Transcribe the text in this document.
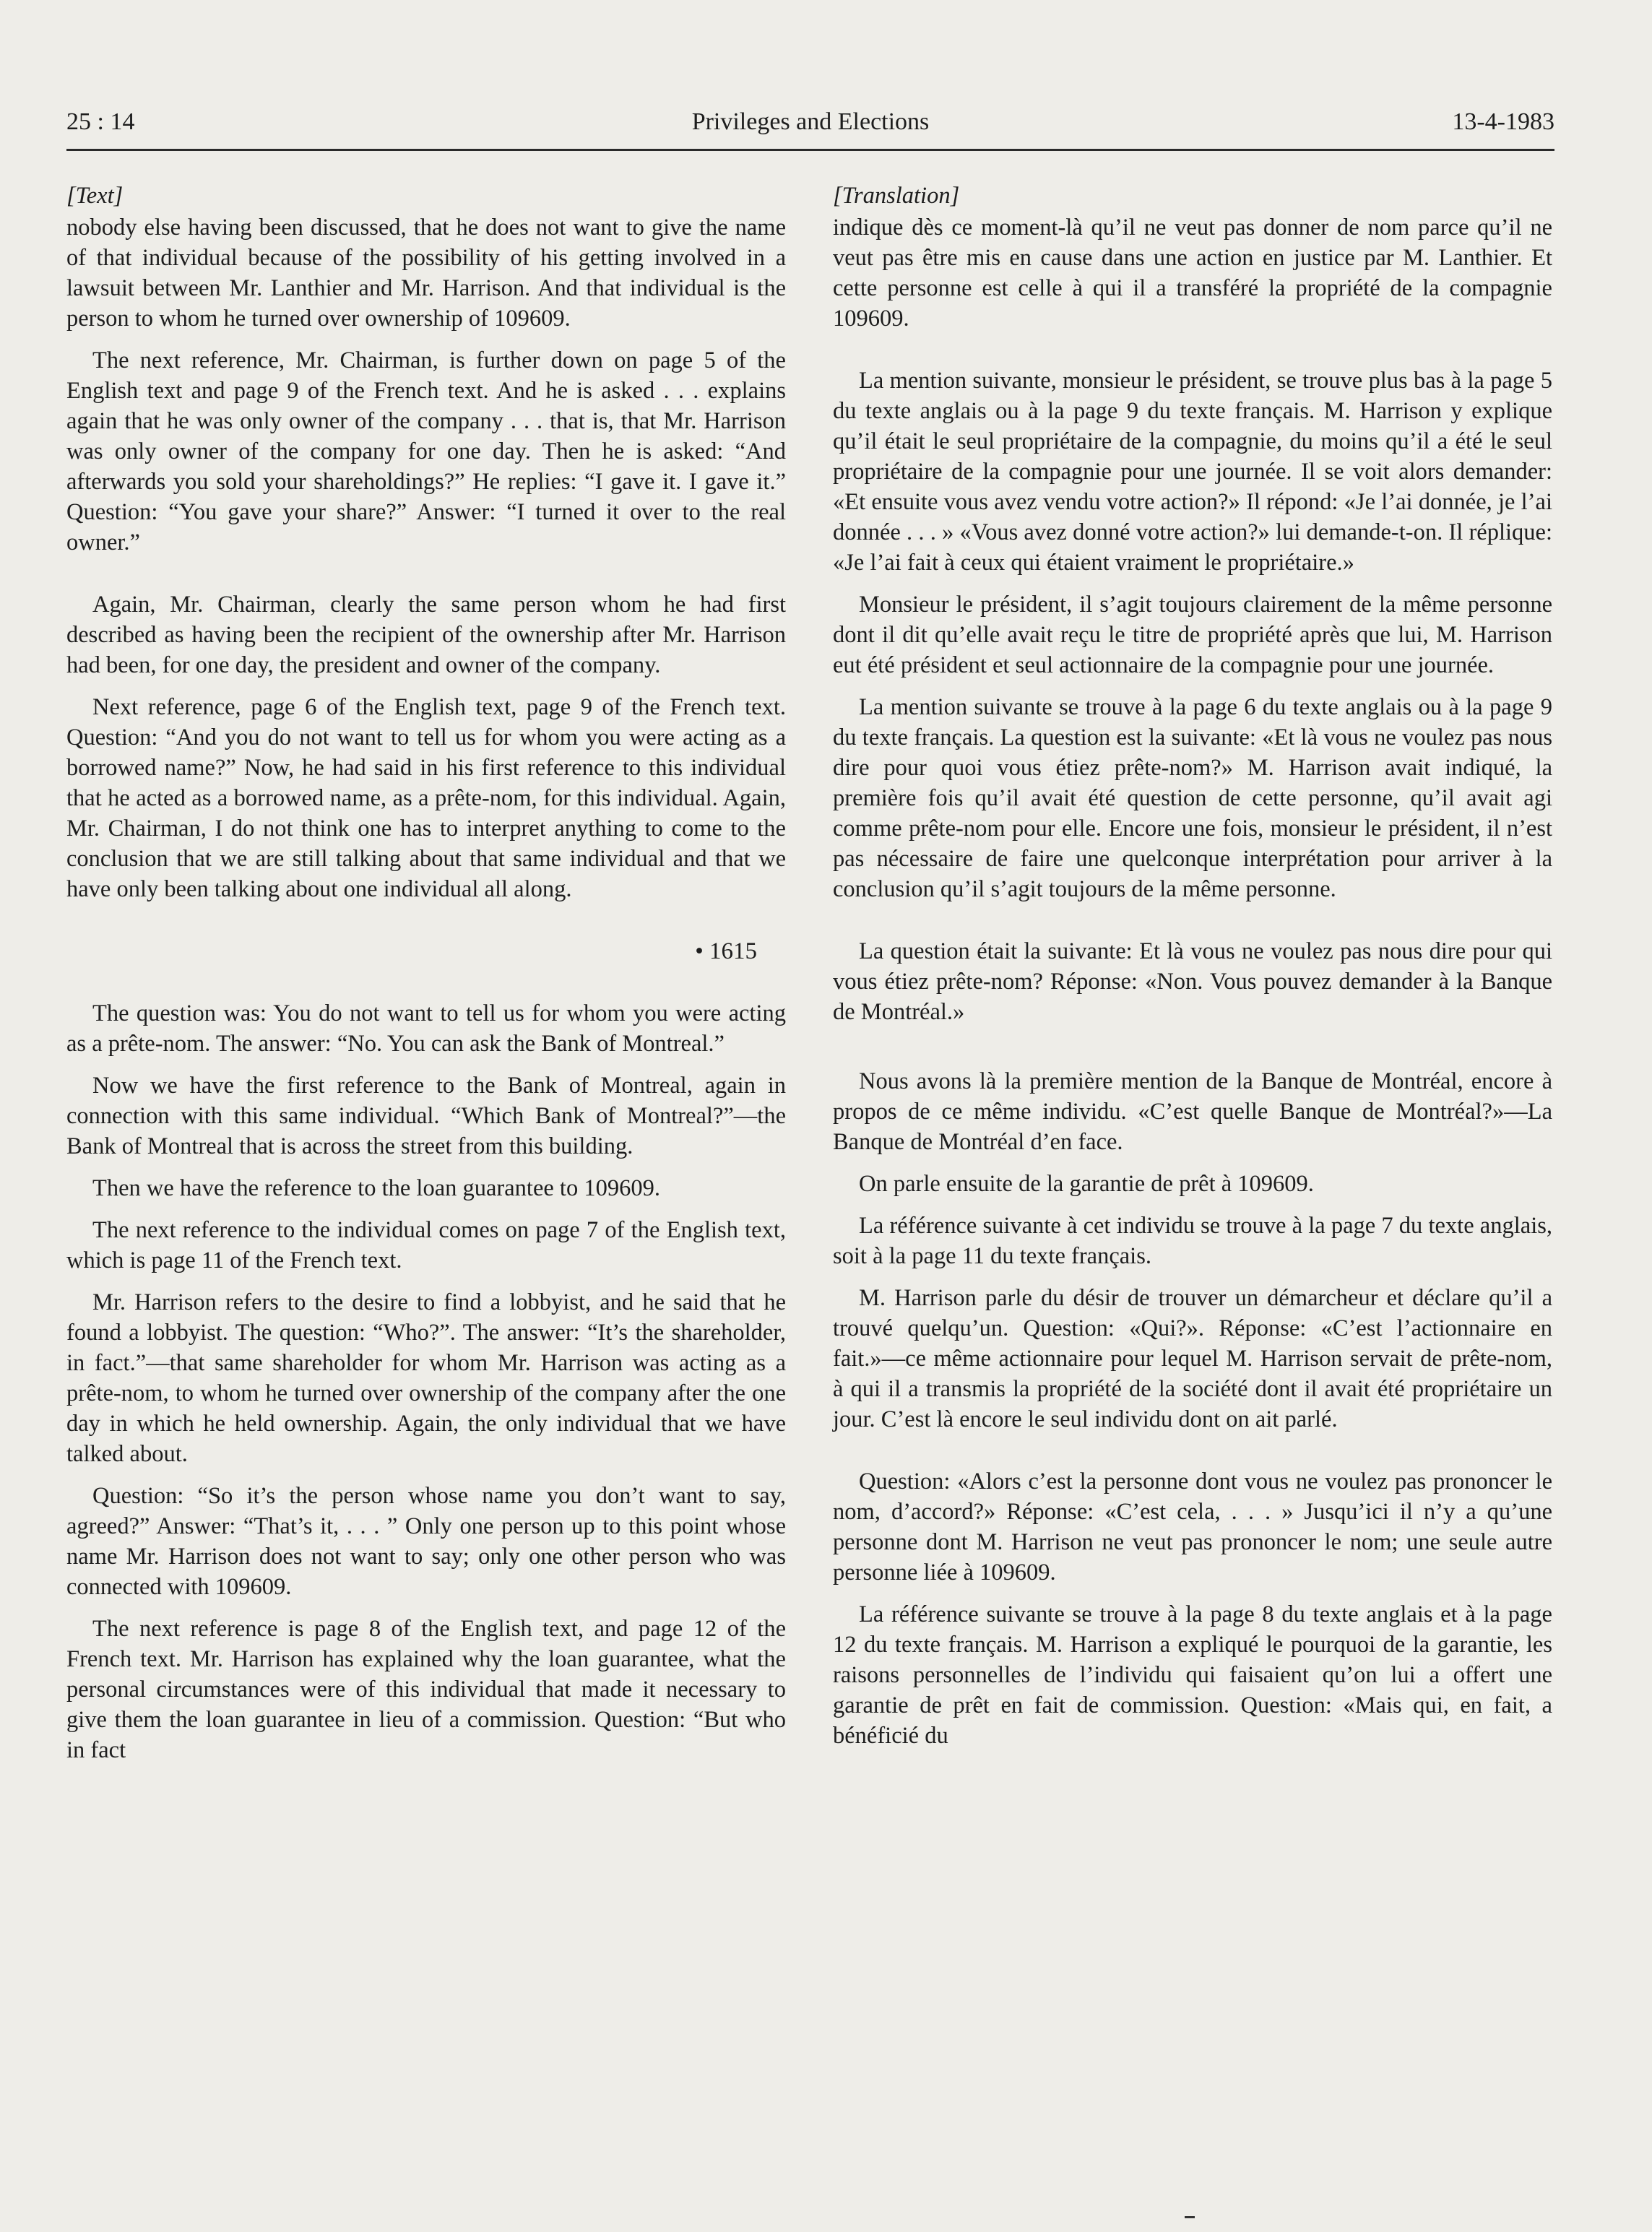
25 : 14	Privileges and Elections	13-4-1983
[Text]

nobody else having been discussed, that he does not want to give the name of that individual because of the possibility of his getting involved in a lawsuit between Mr. Lanthier and Mr. Harrison. And that individual is the person to whom he turned over ownership of 109609.

The next reference, Mr. Chairman, is further down on page 5 of the English text and page 9 of the French text. And he is asked . . . explains again that he was only owner of the company . . . that is, that Mr. Harrison was only owner of the company for one day. Then he is asked: “And afterwards you sold your shareholdings?” He replies: “I gave it. I gave it.” Question: “You gave your share?” Answer: “I turned it over to the real owner.”

Again, Mr. Chairman, clearly the same person whom he had first described as having been the recipient of the ownership after Mr. Harrison had been, for one day, the president and owner of the company.

Next reference, page 6 of the English text, page 9 of the French text. Question: “And you do not want to tell us for whom you were acting as a borrowed name?” Now, he had said in his first reference to this individual that he acted as a borrowed name, as a prête-nom, for this individual. Again, Mr. Chairman, I do not think one has to interpret anything to come to the conclusion that we are still talking about that same individual and that we have only been talking about one individual all along.

• 1615

The question was: You do not want to tell us for whom you were acting as a prête-nom. The answer: “No. You can ask the Bank of Montreal.”

Now we have the first reference to the Bank of Montreal, again in connection with this same individual. “Which Bank of Montreal?”—the Bank of Montreal that is across the street from this building.

Then we have the reference to the loan guarantee to 109609.

The next reference to the individual comes on page 7 of the English text, which is page 11 of the French text.

Mr. Harrison refers to the desire to find a lobbyist, and he said that he found a lobbyist. The question: “Who?”. The answer: “It’s the shareholder, in fact.”—that same shareholder for whom Mr. Harrison was acting as a prête-nom, to whom he turned over ownership of the company after the one day in which he held ownership. Again, the only individual that we have talked about.

Question: “So it’s the person whose name you don’t want to say, agreed?” Answer: “That’s it, . . . ” Only one person up to this point whose name Mr. Harrison does not want to say; only one other person who was connected with 109609.

The next reference is page 8 of the English text, and page 12 of the French text. Mr. Harrison has explained why the loan guarantee, what the personal circumstances were of this individual that made it necessary to give them the loan guarantee in lieu of a commission. Question: “But who in fact

[Translation]

indique dès ce moment-là qu’il ne veut pas donner de nom parce qu’il ne veut pas être mis en cause dans une action en justice par M. Lanthier. Et cette personne est celle à qui il a transféré la propriété de la compagnie 109609.

La mention suivante, monsieur le président, se trouve plus bas à la page 5 du texte anglais ou à la page 9 du texte français. M. Harrison y explique qu’il était le seul propriétaire de la compagnie, du moins qu’il a été le seul propriétaire de la compagnie pour une journée. Il se voit alors demander: «Et ensuite vous avez vendu votre action?» Il répond: «Je l’ai donnée, je l’ai donnée . . . » «Vous avez donné votre action?» lui demande-t-on. Il réplique: «Je l’ai fait à ceux qui étaient vraiment le propriétaire.»

Monsieur le président, il s’agit toujours clairement de la même personne dont il dit qu’elle avait reçu le titre de propriété après que lui, M. Harrison eut été président et seul actionnaire de la compagnie pour une journée.

La mention suivante se trouve à la page 6 du texte anglais ou à la page 9 du texte français. La question est la suivante: «Et là vous ne voulez pas nous dire pour quoi vous étiez prête-nom?» M. Harrison avait indiqué, la première fois qu’il avait été question de cette personne, qu’il avait agi comme prête-nom pour elle. Encore une fois, monsieur le président, il n’est pas nécessaire de faire une quelconque interprétation pour arriver à la conclusion qu’il s’agit toujours de la même personne.

La question était la suivante: Et là vous ne voulez pas nous dire pour qui vous étiez prête-nom? Réponse: «Non. Vous pouvez demander à la Banque de Montréal.»

Nous avons là la première mention de la Banque de Montréal, encore à propos de ce même individu. «C’est quelle Banque de Montréal?»—La Banque de Montréal d’en face.

On parle ensuite de la garantie de prêt à 109609.

La référence suivante à cet individu se trouve à la page 7 du texte anglais, soit à la page 11 du texte français.

M. Harrison parle du désir de trouver un démarcheur et déclare qu’il a trouvé quelqu’un. Question: «Qui?». Réponse: «C’est l’actionnaire en fait.»—ce même actionnaire pour lequel M. Harrison servait de prête-nom, à qui il a transmis la propriété de la société dont il avait été propriétaire un jour. C’est là encore le seul individu dont on ait parlé.

Question: «Alors c’est la personne dont vous ne voulez pas prononcer le nom, d’accord?» Réponse: «C’est cela, . . . » Jusqu’ici il n’y a qu’une personne dont M. Harrison ne veut pas prononcer le nom; une seule autre personne liée à 109609.

La référence suivante se trouve à la page 8 du texte anglais et à la page 12 du texte français. M. Harrison a expliqué le pourquoi de la garantie, les raisons personnelles de l’individu qui faisaient qu’on lui a offert une garantie de prêt en fait de commission. Question: «Mais qui, en fait, a bénéficié du
